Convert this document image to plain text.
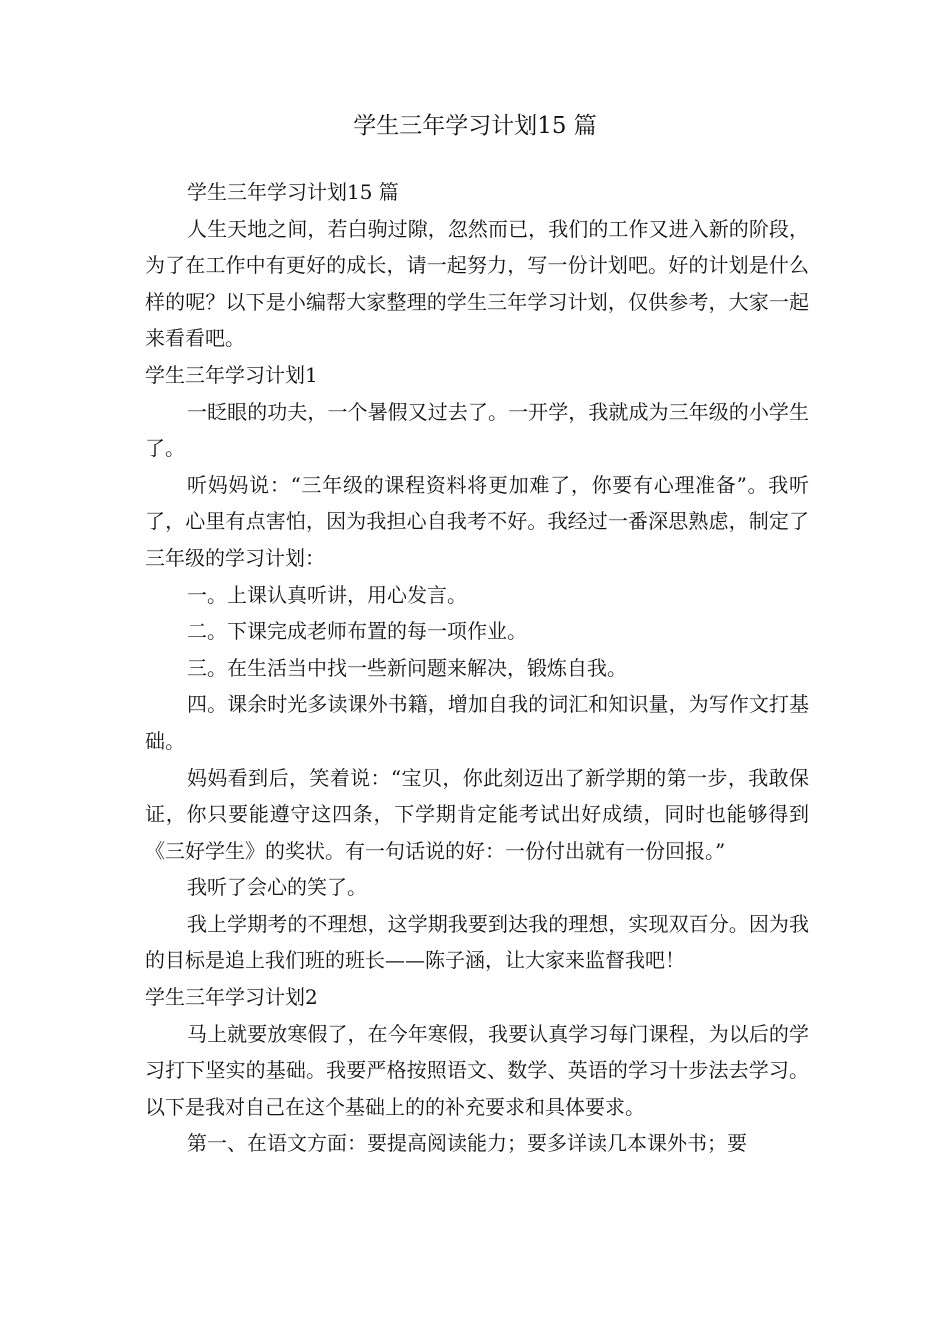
学生三年学习计划15 篇

学生三年学习计划15 篇

人生天地之间，若白驹过隙，忽然而已，我们的工作又进入新的阶段，为了在工作中有更好的成长，请一起努力，写一份计划吧。好的计划是什么样的呢？以下是小编帮大家整理的学生三年学习计划，仅供参考，大家一起来看看吧。

学生三年学习计划1

一眨眼的功夫，一个暑假又过去了。一开学，我就成为三年级的小学生了。

听妈妈说：“三年级的课程资料将更加难了，你要有心理准备”。我听了，心里有点害怕，因为我担心自我考不好。我经过一番深思熟虑，制定了三年级的学习计划：

一。上课认真听讲，用心发言。

二。下课完成老师布置的每一项作业。

三。在生活当中找一些新问题来解决，锻炼自我。

四。课余时光多读课外书籍，增加自我的词汇和知识量，为写作文打基础。

妈妈看到后，笑着说：“宝贝，你此刻迈出了新学期的第一步，我敢保证，你只要能遵守这四条，下学期肯定能考试出好成绩，同时也能够得到《三好学生》的奖状。有一句话说的好：一份付出就有一份回报。”

我听了会心的笑了。

我上学期考的不理想，这学期我要到达我的理想，实现双百分。因为我的目标是追上我们班的班长——陈子涵，让大家来监督我吧！

学生三年学习计划2

马上就要放寒假了，在今年寒假，我要认真学习每门课程，为以后的学习打下坚实的基础。我要严格按照语文、数学、英语的学习十步法去学习。以下是我对自己在这个基础上的的补充要求和具体要求。

第一、在语文方面：要提高阅读能力；要多详读几本课外书；要
